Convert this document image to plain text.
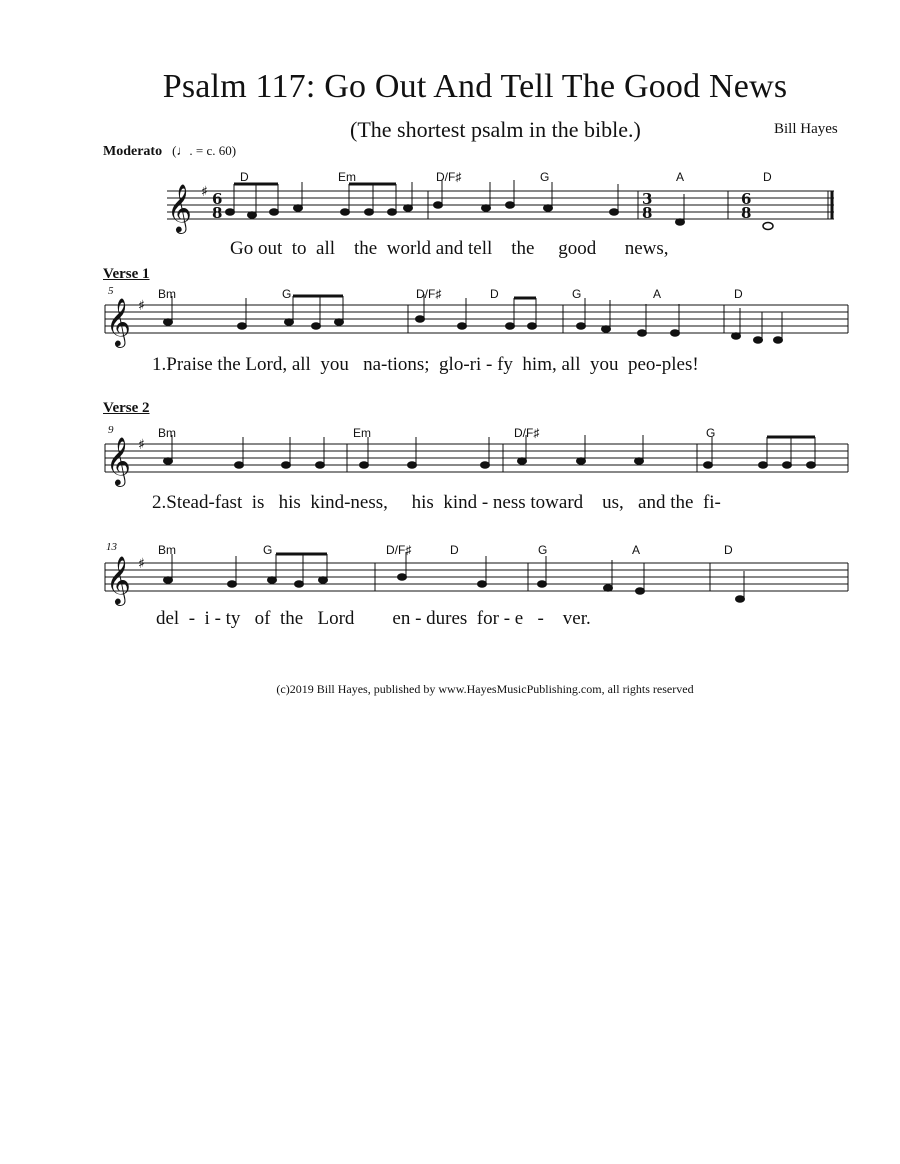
Psalm 117: Go Out And Tell The Good News
(The shortest psalm in the bible.)	Bill Hayes
Moderato (♩. = c. 60)
D	Em	D/F♯	G	A	D
Go out  to  all    the  world and tell    the     good      news,
Verse 1
5	Bm	G	D/F♯	D	G	A	D
1.Praise the Lord, all  you   na-tions;  glo-ri - fy  him, all  you  peo-ples!
Verse 2
9	Bm	Em	D/F♯	G
2.Stead-fast  is   his  kind-ness,     his  kind - ness toward    us,   and the  fi-
13	Bm	G	D/F♯	D	G	A	D
del  -  i - ty   of  the   Lord        en - dures  for - e   -    ver.
(c)2019 Bill Hayes, published by www.HayesMusicPublishing.com, all rights reserved
𝄞
𝄞
𝄞
𝄞
♯
♯
♯
♯
6
8
3
8
6
8
